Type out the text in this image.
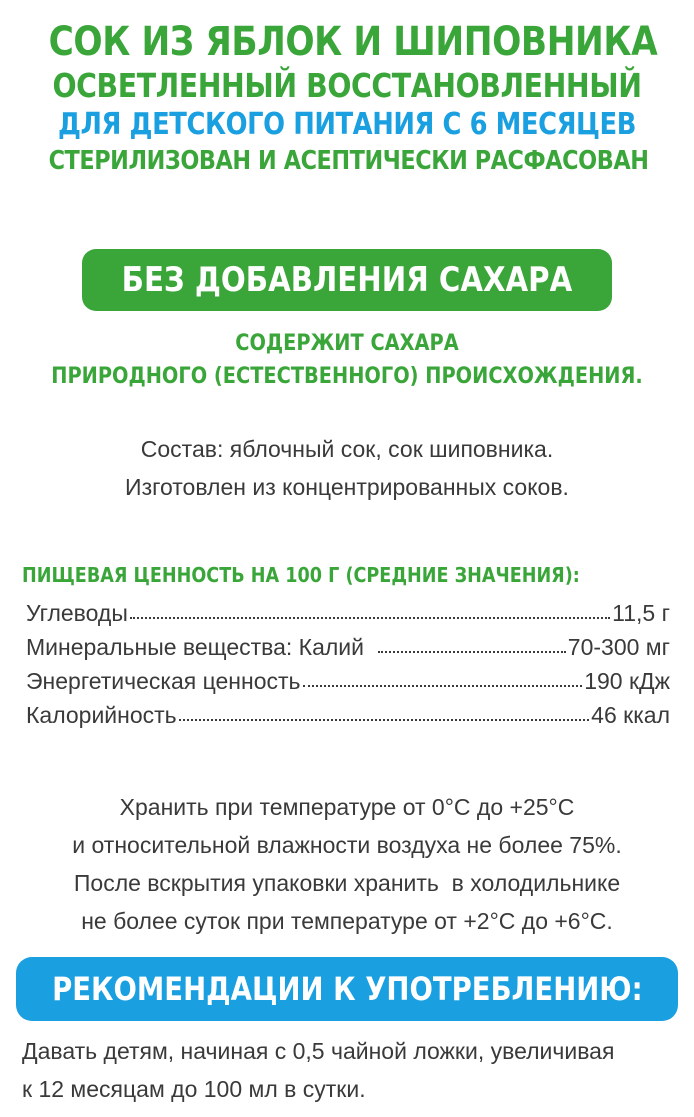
СОК ИЗ ЯБЛОК И ШИПОВНИКА

ОСВЕТЛЕННЫЙ ВОССТАНОВЛЕННЫЙ

ДЛЯ ДЕТСКОГО ПИТАНИЯ С 6 МЕСЯЦЕВ

СТЕРИЛИЗОВАН И АСЕПТИЧЕСКИ РАСФАСОВАН

БЕЗ ДОБАВЛЕНИЯ САХАРА
СОДЕРЖИТ САХАРА
ПРИРОДНОГО (ЕСТЕСТВЕННОГО) ПРОИСХОЖДЕНИЯ.
Состав: яблочный сок, сок шиповника.
Изготовлен из концентрированных соков.
ПИЩЕВАЯ ЦЕННОСТЬ НА 100 Г (СРЕДНИЕ ЗНАЧЕНИЯ):
Углеводы	11,5 г
Минеральные вещества: Калий	70-300 мг
Энергетическая ценность	190 кДж
Калорийность	46 ккал
Хранить при температуре от 0°С до +25°С
и относительной влажности воздуха не более 75%.
После вскрытия упаковки хранить  в холодильнике
не более суток при температуре от +2°С до +6°С.
РЕКОМЕНДАЦИИ К УПОТРЕБЛЕНИЮ:
Давать детям, начиная с 0,5 чайной ложки, увеличивая
к 12 месяцам до 100 мл в сутки.
